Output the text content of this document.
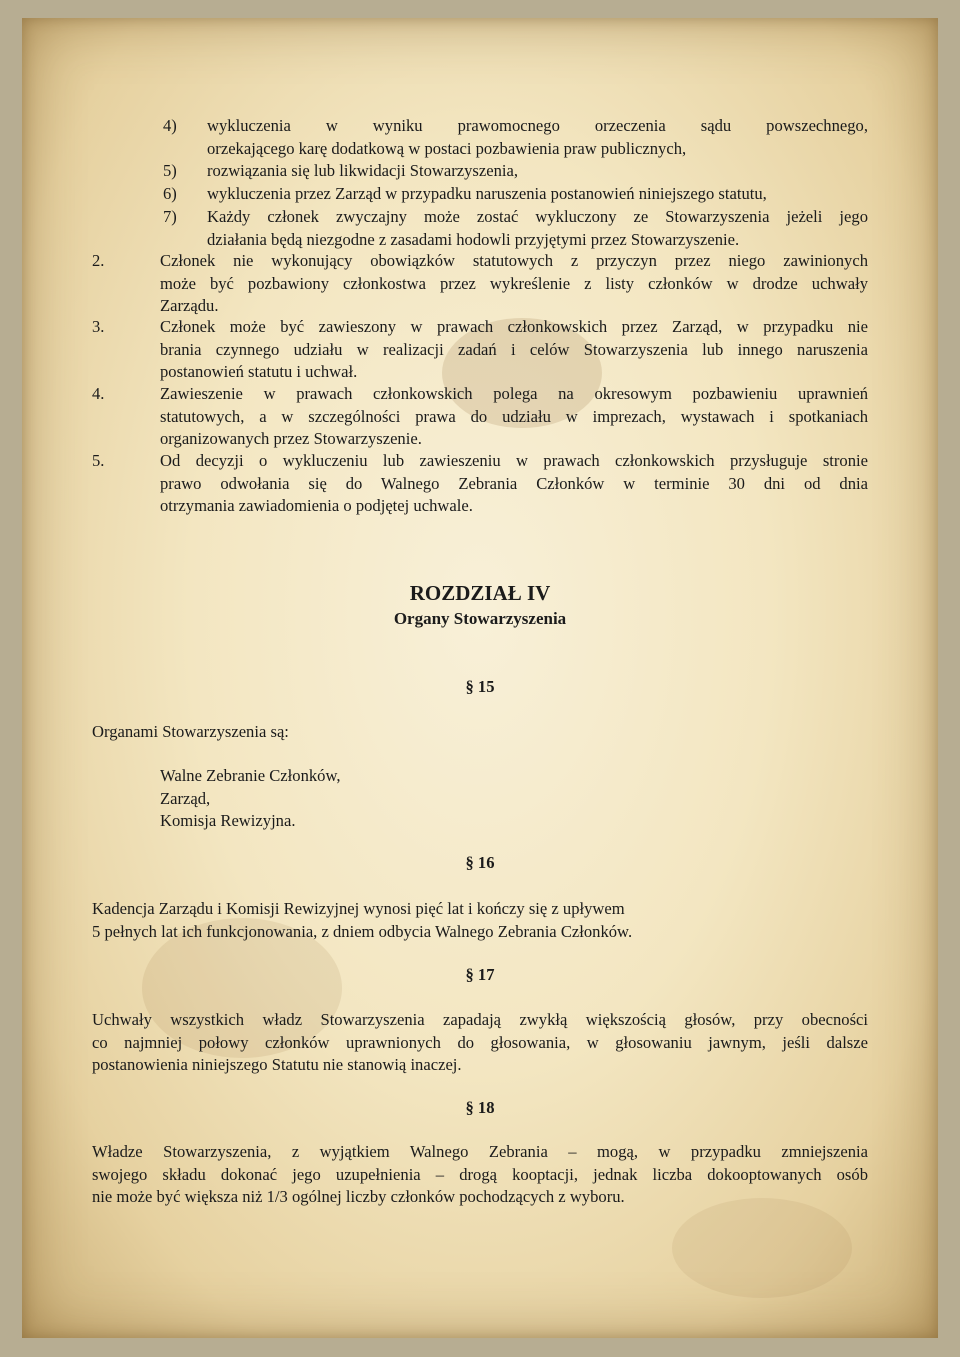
4) wykluczenia w wyniku prawomocnego orzeczenia sądu powszechnego,
orzekającego karę dodatkową w postaci pozbawienia praw publicznych,
5) rozwiązania się lub likwidacji Stowarzyszenia,
6) wykluczenia przez Zarząd w przypadku naruszenia postanowień niniejszego statutu,
7) Każdy członek zwyczajny może zostać wykluczony ze Stowarzyszenia jeżeli jego
działania będą niezgodne z zasadami hodowli przyjętymi przez Stowarzyszenie.
2.	Członek nie wykonujący obowiązków statutowych z przyczyn przez niego zawinionych
może być pozbawiony członkostwa przez wykreślenie z listy członków w drodze uchwały
Zarządu.
3.	Członek może być zawieszony w prawach członkowskich przez Zarząd, w przypadku nie
brania czynnego udziału w realizacji zadań i celów Stowarzyszenia lub innego naruszenia
postanowień statutu i uchwał.
4.	Zawieszenie w prawach członkowskich polega na okresowym pozbawieniu uprawnień
statutowych, a w szczególności prawa do udziału w imprezach, wystawach i spotkaniach
organizowanych przez Stowarzyszenie.
5.	Od decyzji o wykluczeniu lub zawieszeniu w prawach członkowskich przysługuje stronie
prawo odwołania się do Walnego Zebrania Członków w terminie 30 dni od dnia
otrzymania zawiadomienia o podjętej uchwale.
ROZDZIAŁ IV
Organy Stowarzyszenia
§ 15
Organami Stowarzyszenia są:
Walne Zebranie Członków,
Zarząd,
Komisja Rewizyjna.
§ 16
Kadencja Zarządu i Komisji Rewizyjnej wynosi pięć lat i kończy się z upływem
5 pełnych lat ich funkcjonowania, z dniem odbycia Walnego Zebrania Członków.
§ 17
Uchwały wszystkich władz Stowarzyszenia zapadają zwykłą większością głosów, przy obecności
co najmniej połowy członków uprawnionych do głosowania, w głosowaniu jawnym, jeśli dalsze
postanowienia niniejszego Statutu nie stanowią inaczej.
§ 18
Władze Stowarzyszenia, z wyjątkiem Walnego Zebrania – mogą, w przypadku zmniejszenia
swojego składu dokonać jego uzupełnienia – drogą kooptacji, jednak liczba dokooptowanych osób
nie może być większa niż 1/3 ogólnej liczby członków pochodzących z wyboru.
